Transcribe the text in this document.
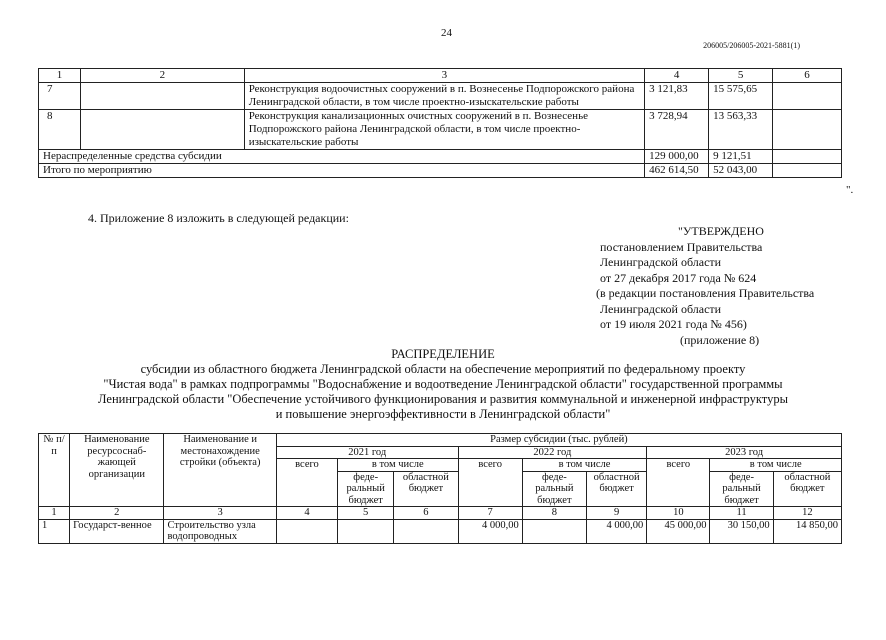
24
206005/206005-2021-5881(1)
1	2	3	4	5	6
7		Реконструкция водоочистных сооружений в п. Вознесенье Подпорожского района Ленинградской области, в том числе проектно-изыскательские работы	3 121,83	15 575,65	
8		Реконструкция канализационных очистных сооружений в п. Вознесенье Подпорожского района Ленинградской области, в том числе проектно-изыскательские работы	3 728,94	13 563,33	
Нераспределенные средства субсидии			129 000,00	9 121,51	
Итого по мероприятию			462 614,50	52 043,00	
".
4. Приложение 8 изложить в следующей редакции:
"УТВЕРЖДЕНО
постановлением Правительства
Ленинградской области
от 27 декабря 2017 года № 624
(в редакции постановления Правительства
Ленинградской области
от 19 июля 2021 года № 456)
(приложение 8)
РАСПРЕДЕЛЕНИЕ
субсидии из областного бюджета Ленинградской области на обеспечение мероприятий по федеральному проекту
"Чистая вода" в рамках подпрограммы "Водоснабжение и водоотведение Ленинградской области" государственной программы
Ленинградской области "Обеспечение устойчивого функционирования и развития коммунальной и инженерной инфраструктуры
и повышение энергоэффективности в Ленинградской области"
№ п/п	Наименование ресурсоснаб-жающей организации	Наименование и местонахождение стройки (объекта)	Размер субсидии (тыс. рублей)								
			2021 год			2022 год			2023 год		
			всего	в том числе		всего	в том числе		всего	в том числе	
				феде-ральный бюджет	областной бюджет		феде-ральный бюджет	областной бюджет		феде-ральный бюджет	областной бюджет
1	2	3	4	5	6	7	8	9	10	11	12
1	Государст-венное	Строительство узла водопроводных				4 000,00		4 000,00	45 000,00	30 150,00	14 850,00
